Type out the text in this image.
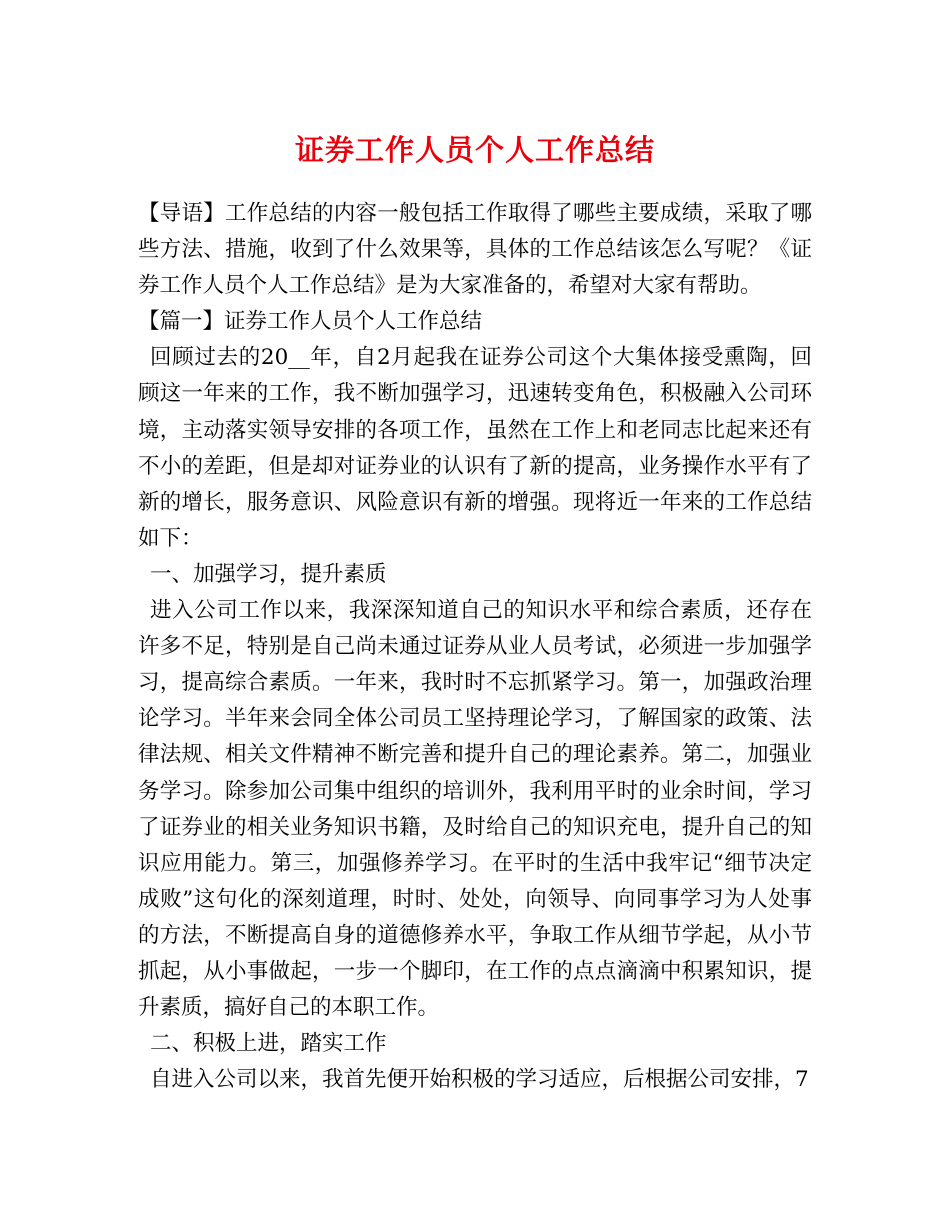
证券工作人员个人工作总结

【导语】工作总结的内容一般包括工作取得了哪些主要成绩，采取了哪些方法、措施，收到了什么效果等，具体的工作总结该怎么写呢？《证券工作人员个人工作总结》是为大家准备的，希望对大家有帮助。

【篇一】证券工作人员个人工作总结

回顾过去的20__年，自2月起我在证券公司这个大集体接受熏陶，回顾这一年来的工作，我不断加强学习，迅速转变角色，积极融入公司环境，主动落实领导安排的各项工作，虽然在工作上和老同志比起来还有不小的差距，但是却对证券业的认识有了新的提高，业务操作水平有了新的增长，服务意识、风险意识有新的增强。现将近一年来的工作总结如下：

一、加强学习，提升素质

进入公司工作以来，我深深知道自己的知识水平和综合素质，还存在许多不足，特别是自己尚未通过证券从业人员考试，必须进一步加强学习，提高综合素质。一年来，我时时不忘抓紧学习。第一，加强政治理论学习。半年来会同全体公司员工坚持理论学习，了解国家的政策、法律法规、相关文件精神不断完善和提升自己的理论素养。第二，加强业务学习。除参加公司集中组织的培训外，我利用平时的业余时间，学习了证券业的相关业务知识书籍，及时给自己的知识充电，提升自己的知识应用能力。第三，加强修养学习。在平时的生活中我牢记“细节决定成败”这句化的深刻道理，时时、处处，向领导、向同事学习为人处事的方法，不断提高自身的道德修养水平，争取工作从细节学起，从小节抓起，从小事做起，一步一个脚印，在工作的点点滴滴中积累知识，提升素质，搞好自己的本职工作。

二、积极上进，踏实工作

自进入公司以来，我首先便开始积极的学习适应，后根据公司安排，7
